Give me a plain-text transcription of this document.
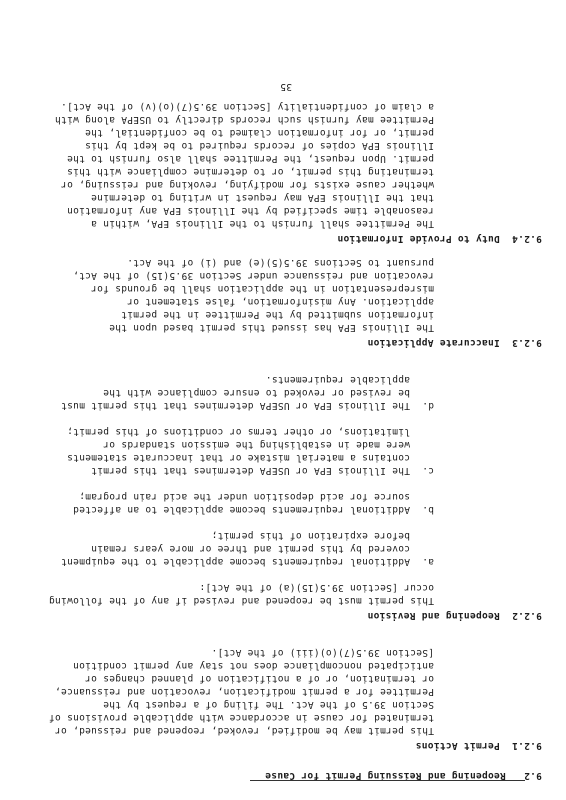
9.2   Reopening and Reissuing Permit for Cause

9.2.1  Permit Actions

This permit may be modified, revoked, reopened and reissued, or
terminated for cause in accordance with applicable provisions of
Section 39.5 of the Act. The filing of a request by the
Permittee for a permit modification, revocation and reissuance,
or termination, or of a notification of planned changes or
anticipated noncompliance does not stay any permit condition
[Section 39.5(7)(o)(iii) of the Act].

9.2.2  Reopening and Revision

This permit must be reopened and revised if any of the following
occur [Section 39.5(15)(a) of the Act]:
a.
Additional requirements become applicable to the equipment
covered by this permit and three or more years remain
before expiration of this permit;
b.
Additional requirements become applicable to an affected
source for acid deposition under the acid rain program;
c.
The Illinois EPA or USEPA determines that this permit
contains a material mistake or that inaccurate statements
were made in establishing the emission standards or
limitations, or other terms or conditions of this permit;
d.
The Illinois EPA or USEPA determines that this permit must
be revised or revoked to ensure compliance with the
applicable requirements.

9.2.3  Inaccurate Application

The Illinois EPA has issued this permit based upon the
information submitted by the Permittee in the permit
application. Any misinformation, false statement or
misrepresentation in the application shall be grounds for
revocation and reissuance under Section 39.5(15) of the Act,
pursuant to Sections 39.5(5)(e) and (i) of the Act.

9.2.4  Duty to Provide Information

The Permittee shall furnish to the Illinois EPA, within a
reasonable time specified by the Illinois EPA any information
that the Illinois EPA may request in writing to determine
whether cause exists for modifying, revoking and reissuing, or
terminating this permit, or to determine compliance with this
permit. Upon request, the Permittee shall also furnish to the
Illinois EPA copies of records required to be kept by this
permit, or for information claimed to be confidential, the
Permittee may furnish such records directly to USEPA along with
a claim of confidentiality [Section 39.5(7)(o)(v) of the Act].
35
